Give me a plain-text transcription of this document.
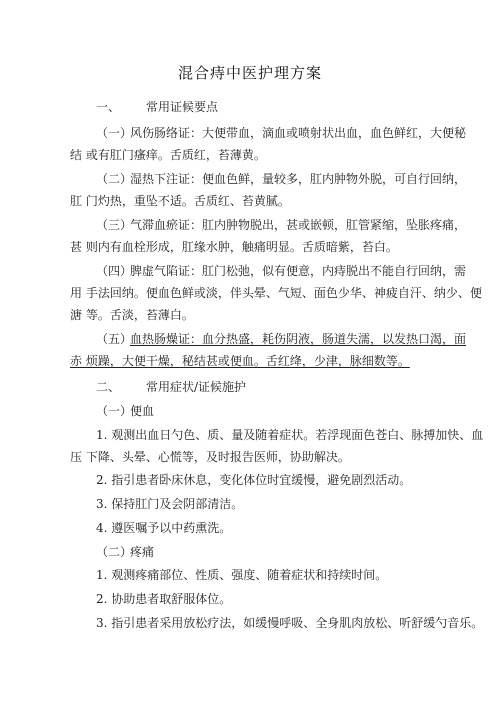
混合痔中医护理方案
一、 常用证候要点
（一）风伤肠络证：大便带血，滴血或喷射状出血，血色鲜红，大便秘
结 或有肛门瘙痒。舌质红，苔薄黄。
（二）湿热下注证：便血色鲜，量较多，肛内肿物外脱，可自行回纳，
肛 门灼热，重坠不适。舌质红、苔黄腻。
（三）气滞血瘀证：肛内肿物脱出，甚或嵌顿，肛管紧缩，坠胀疼痛，
甚 则内有血栓形成，肛缘水肿，触痛明显。舌质暗紫，苔白。
（四）脾虚气陷证：肛门松弛，似有便意，内痔脱出不能自行回纳，需
用 手法回纳。便血色鲜或淡，伴头晕、气短、面色少华、神疲自汗、纳少、便
溏 等。舌淡，苔薄白。
（五）血热肠燥证：血分热盛，耗伤阴液，肠道失濡，以发热口渴，面
赤 烦躁，大便干燥，秘结甚或便血。舌红绛，少津，脉细数等。
二、 常用症状/证候施护
（一）便血
1. 观测出血日勺色、质、量及随着症状。若浮现面色苍白、脉搏加快、血
压 下降、头晕、心慌等，及时报告医师，协助解决。
2. 指引患者卧床休息，变化体位时宜缓慢，避免剧烈活动。
3. 保持肛门及会阴部清洁。
4. 遵医嘱予以中药熏洗。
（二）疼痛
1. 观测疼痛部位、性质、强度、随着症状和持续时间。
2. 协助患者取舒服体位。
3. 指引患者采用放松疗法，如缓慢呼吸、全身肌肉放松、听舒缓勺音乐。
